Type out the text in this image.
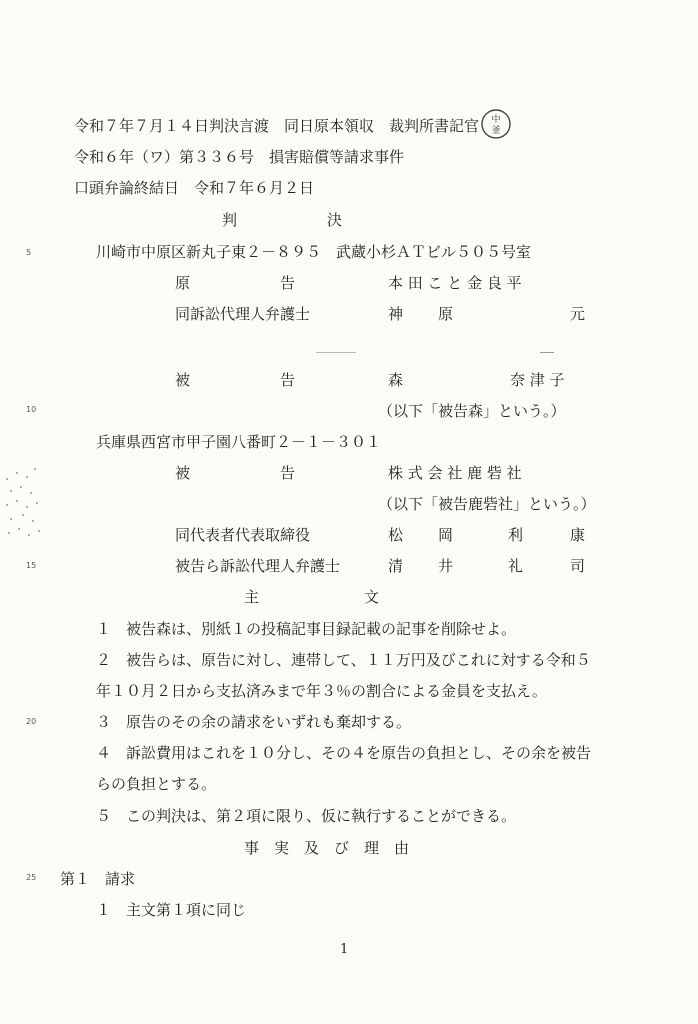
令和７年７月１４日判決言渡　同日原本領収　裁判所書記官
令和６年（ワ）第３３６号　損害賠償等請求事件
口頭弁論終結日　令和７年６月２日
中
釜
判　　　　　　決
5
10
15
20
25
川崎市中原区新丸子東２－８９５　武蔵小杉ＡＴビル５０５号室
原　　　　　　告	本 田 こ と 金 良 平
同訴訟代理人弁護士	神 原	元
被　　　　　　告	森	奈 津 子
（以下「被告森」という。）
兵庫県西宮市甲子園八番町２－１－３０１
被　　　　　　告	株 式 会 社 鹿 砦 社
（以下「被告鹿砦社」という。）
同代表者代表取締役	松 岡	利	康
被告ら訴訟代理人弁護士	清 井	礼	司
主　　　　　　　文
１　被告森は、別紙１の投稿記事目録記載の記事を削除せよ。
２　被告らは、原告に対し、連帯して、１１万円及びこれに対する令和５
年１０月２日から支払済みまで年３％の割合による金員を支払え。
３　原告のその余の請求をいずれも棄却する。
４　訴訟費用はこれを１０分し、その４を原告の負担とし、その余を被告
らの負担とする。
５　この判決は、第２項に限り、仮に執行することができる。
事　実　及　び　理　由
第１　請求
１　主文第１項に同じ
1
